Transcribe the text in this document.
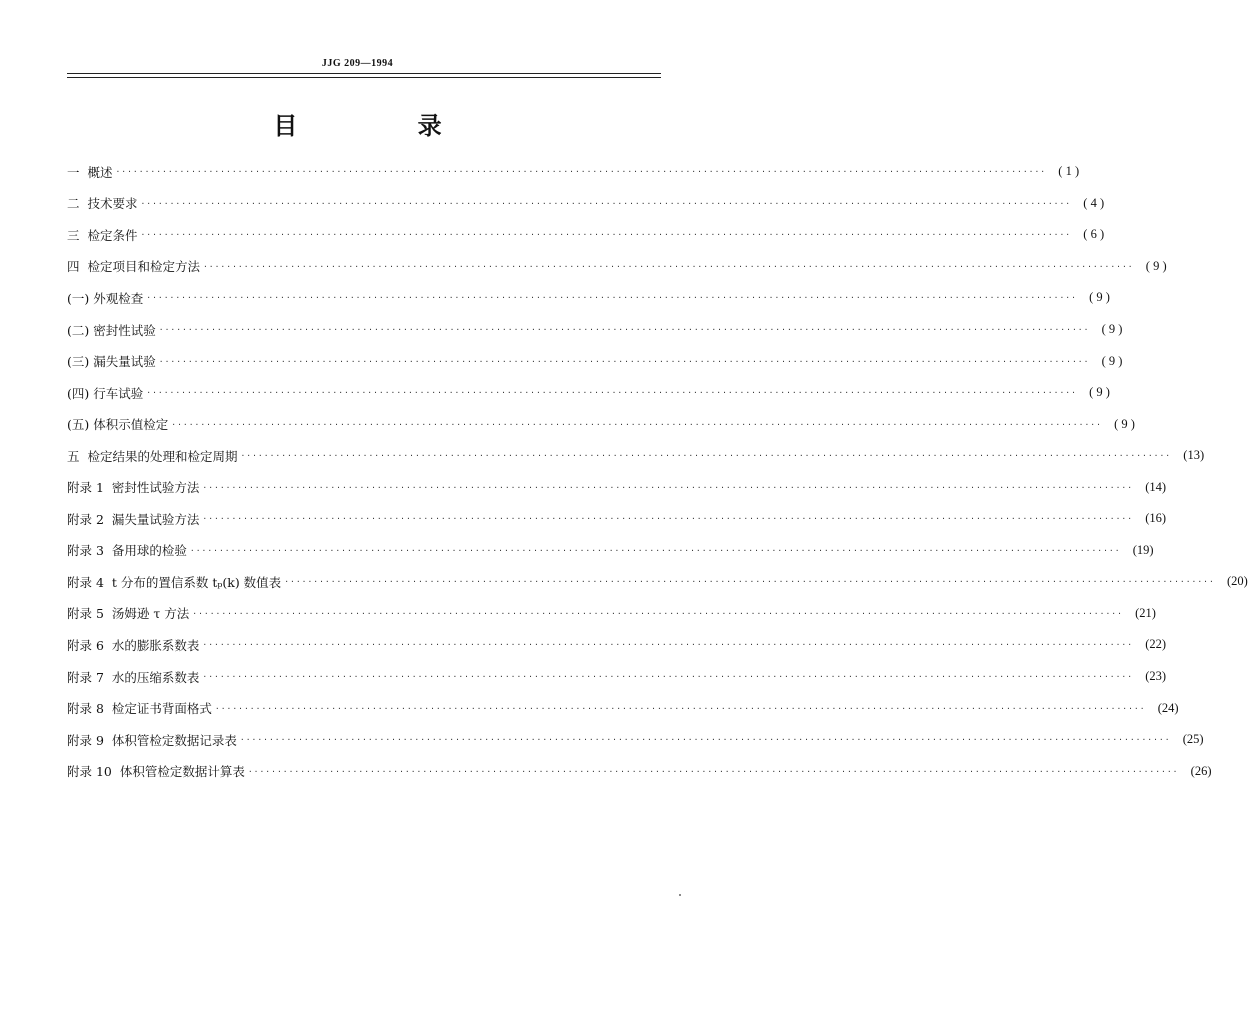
JJG 209—1994
目 录
一
概述 ································································································································································ ( 1 )
二
技术要求 ································································································································································ ( 4 )
三
检定条件 ································································································································································ ( 6 )
四
检定项目和检定方法 ································································································································································ ( 9 )
(一)
外观检查 ································································································································································ ( 9 )
(二)
密封性试验 ································································································································································ ( 9 )
(三)
漏失量试验 ································································································································································ ( 9 )
(四)
行车试验 ································································································································································ ( 9 )
(五)
体积示值检定 ································································································································································ ( 9 )
五
检定结果的处理和检定周期 ································································································································································ (13)
附录 1
密封性试验方法 ································································································································································ (14)
附录 2
漏失量试验方法 ································································································································································ (16)
附录 3
备用球的检验 ································································································································································ (19)
附录 4
t 分布的置信系数 tₚ(k) 数值表 ································································································································································ (20)
附录 5
汤姆逊 τ 方法 ································································································································································ (21)
附录 6
水的膨胀系数表 ································································································································································ (22)
附录 7
水的压缩系数表 ································································································································································ (23)
附录 8
检定证书背面格式 ································································································································································ (24)
附录 9
体积管检定数据记录表 ································································································································································ (25)
附录 10
体积管检定数据计算表 ································································································································································ (26)
